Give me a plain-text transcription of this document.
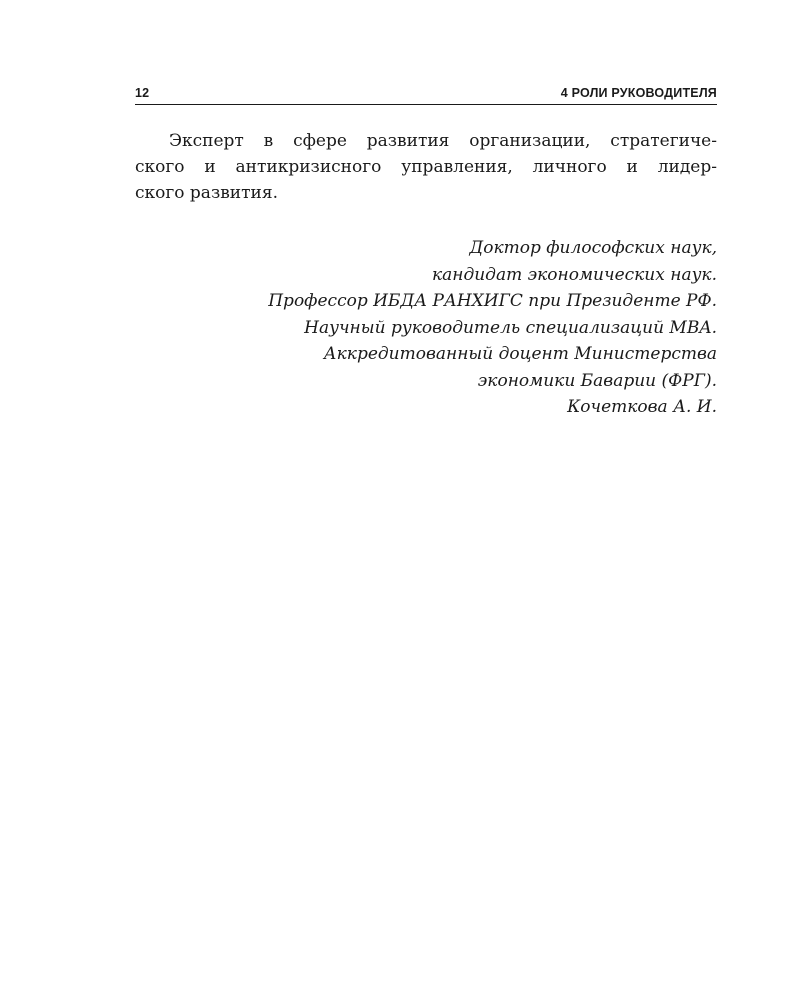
12	4 РОЛИ РУКОВОДИТЕЛЯ
Эксперт в сфере развития организации, стратегиче-
ского и антикризисного управления, личного и лидер-
ского развития.
Доктор философских наук,
кандидат экономических наук.
Профессор ИБДА РАНХИГС при Президенте РФ.
Научный руководитель специализаций MBA.
Аккредитованный доцент Министерства
экономики Баварии (ФРГ).
Кочеткова А. И.
